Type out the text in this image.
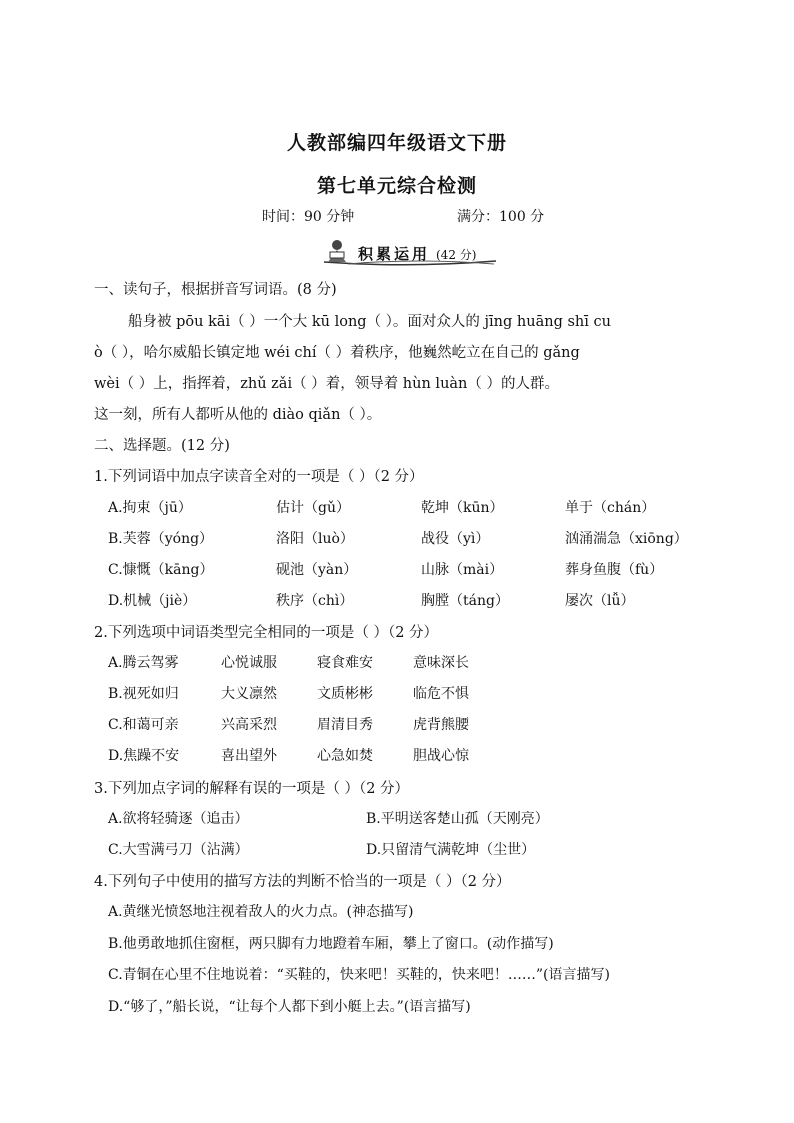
人教部编四年级语文下册
第七单元综合检测
时间：90 分钟	满分：100 分
积累运用 (42 分)
一、读句子，根据拼音写词语。(8 分)
船身被 pōu kāi（ ）一个大 kū long（ ）。面对众人的 jīng huāng shī cu
ò（ ），哈尔威船长镇定地 wéi chí（ ）着秩序，他巍然屹立在自己的 gǎng
wèi（ ）上，指挥着，zhǔ zǎi（ ）着，领导着 hùn luàn（ ）的人群。
这一刻，所有人都听从他的 diào qiǎn（ ）。
二、选择题。(12 分)
1.下列词语中加点字读音全对的一项是（ ）（2 分）
A.拘束（jū）	估计（gǔ）	乾坤（kūn）	单于（chán）
B.芙蓉（yóng）	洛阳（luò）	战役（yì）	汹涌湍急（xiōng）
C.慷慨（kāng）	砚池（yàn）	山脉（mài）	葬身鱼腹（fù）
D.机械（jiè）	秩序（chì）	胸膛（táng）	屡次（lǚ）
2.下列选项中词语类型完全相同的一项是（ ）（2 分）
A.腾云驾雾	心悦诚服	寝食难安	意味深长
B.视死如归	大义凛然	文质彬彬	临危不惧
C.和蔼可亲	兴高采烈	眉清目秀	虎背熊腰
D.焦躁不安	喜出望外	心急如焚	胆战心惊
3.下列加点字词的解释有误的一项是（ ）（2 分）
A.欲将轻骑逐（追击）	B.平明送客楚山孤（天刚亮）
C.大雪满弓刀（沾满）	D.只留清气满乾坤（尘世）
4.下列句子中使用的描写方法的判断不恰当的一项是（ ）（2 分）
A.黄继光愤怒地注视着敌人的火力点。(神态描写)
B.他勇敢地抓住窗框，两只脚有力地蹬着车厢，攀上了窗口。(动作描写)
C.青铜在心里不住地说着：“买鞋的，快来吧！买鞋的，快来吧！……”(语言描写)
D.“够了，”船长说，“让每个人都下到小艇上去。”(语言描写)
